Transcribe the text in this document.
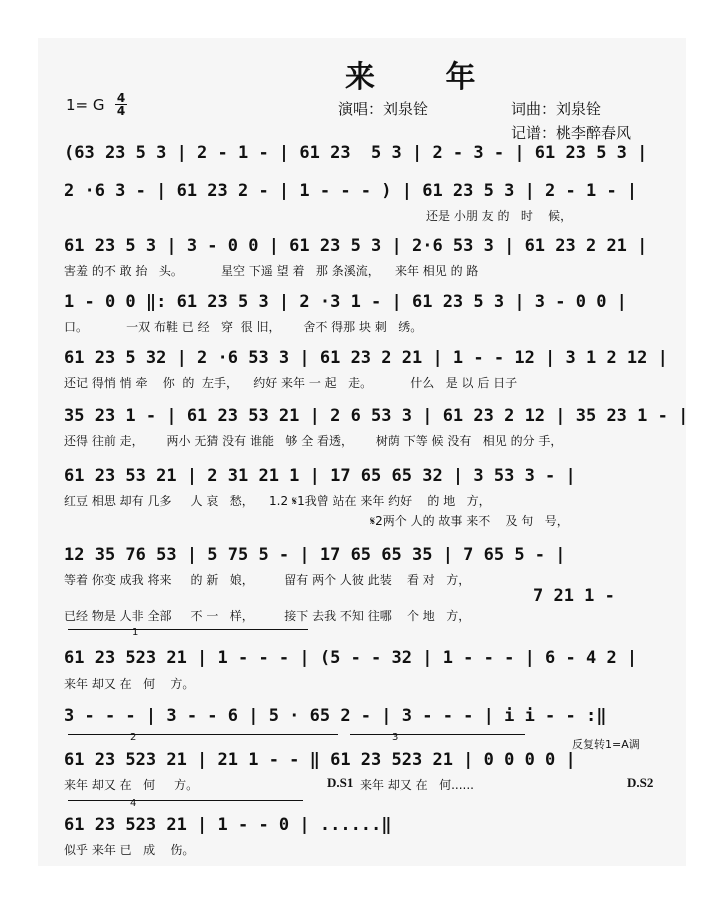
来 年
1= G 4
4	演唱：刘泉铨	词曲：刘泉铨
记谱：桃李醉春风
(63 23 5 3 | 2 - 1 - | 61 23  5 3 | 2 - 3 - | 61 23 5 3 |
2 ·6 3 - | 61 23 2 - | 1 - - - ) | 61 23 5 3 | 2 - 1 - |
还是 小朋 友 的   时    候，
61 23 5 3 | 3 - 0 0 | 61 23 5 3 | 2·6 53 3 | 61 23 2 21 |
害羞 的不 敢 抬   头。          星空 下遥 望 着   那 条溪流，    来年 相见 的 路
1 - 0 0 ‖: 61 23 5 3 | 2 ·3 1 - | 61 23 5 3 | 3 - 0 0 |
口。          一双 布鞋 已 经   穿  很 旧，      舍不 得那 块 刺   绣。
61 23 5 32 | 2 ·6 53 3 | 61 23 2 21 | 1 - - 12 | 3 1 2 12 |
还记 得悄 悄 牵    你  的  左手，    约好 来年 一 起   走。          什么   是 以 后 日子
35 23 1 - | 61 23 53 21 | 2 6 53 3 | 61 23 2 12 | 35 23 1 - |
还得 往前 走，      两小 无猜 没有 谁能   够 全 看透，      树荫 下等 候 没有   相见 的分 手，
61 23 53 21 | 2 31 21 1 | 17 65 65 32 | 3 53 3 - |
红豆 相思 却有 几多     人 哀   愁，    1.2 𝄋1我曾 站在 来年 约好    的 地   方，
𝄋2两个 人的 故事 来不    及 句   号，
12 35 76 53 | 5 75 5 - | 17 65 65 35 | 7 65 5 - |
等着 你变 成我 将来     的 新   娘，        留有 两个 人彼 此装    看 对   方，
7 21 1 -
已经 物是 人非 全部     不 一   样，        接下 去我 不知 往哪    个 地   方，
1
61 23 523 21 | 1 - - - | (5 - - 32 | 1 - - - | 6 - 4 2 |
来年 却又 在   何    方。
3 - - - | 3 - - 6 | 5 · 65 2 - | 3 - - - | i i - - :‖
2	3
反复转1=A调
61 23 523 21 | 21 1 - - ‖ 61 23 523 21 | 0 0 0 0 |
来年 却又 在   何     方。	D.S1 来年 却又 在   何......	D.S2
4
61 23 523 21 | 1 - - 0 | ......‖
似乎 来年 已   成    伤。
